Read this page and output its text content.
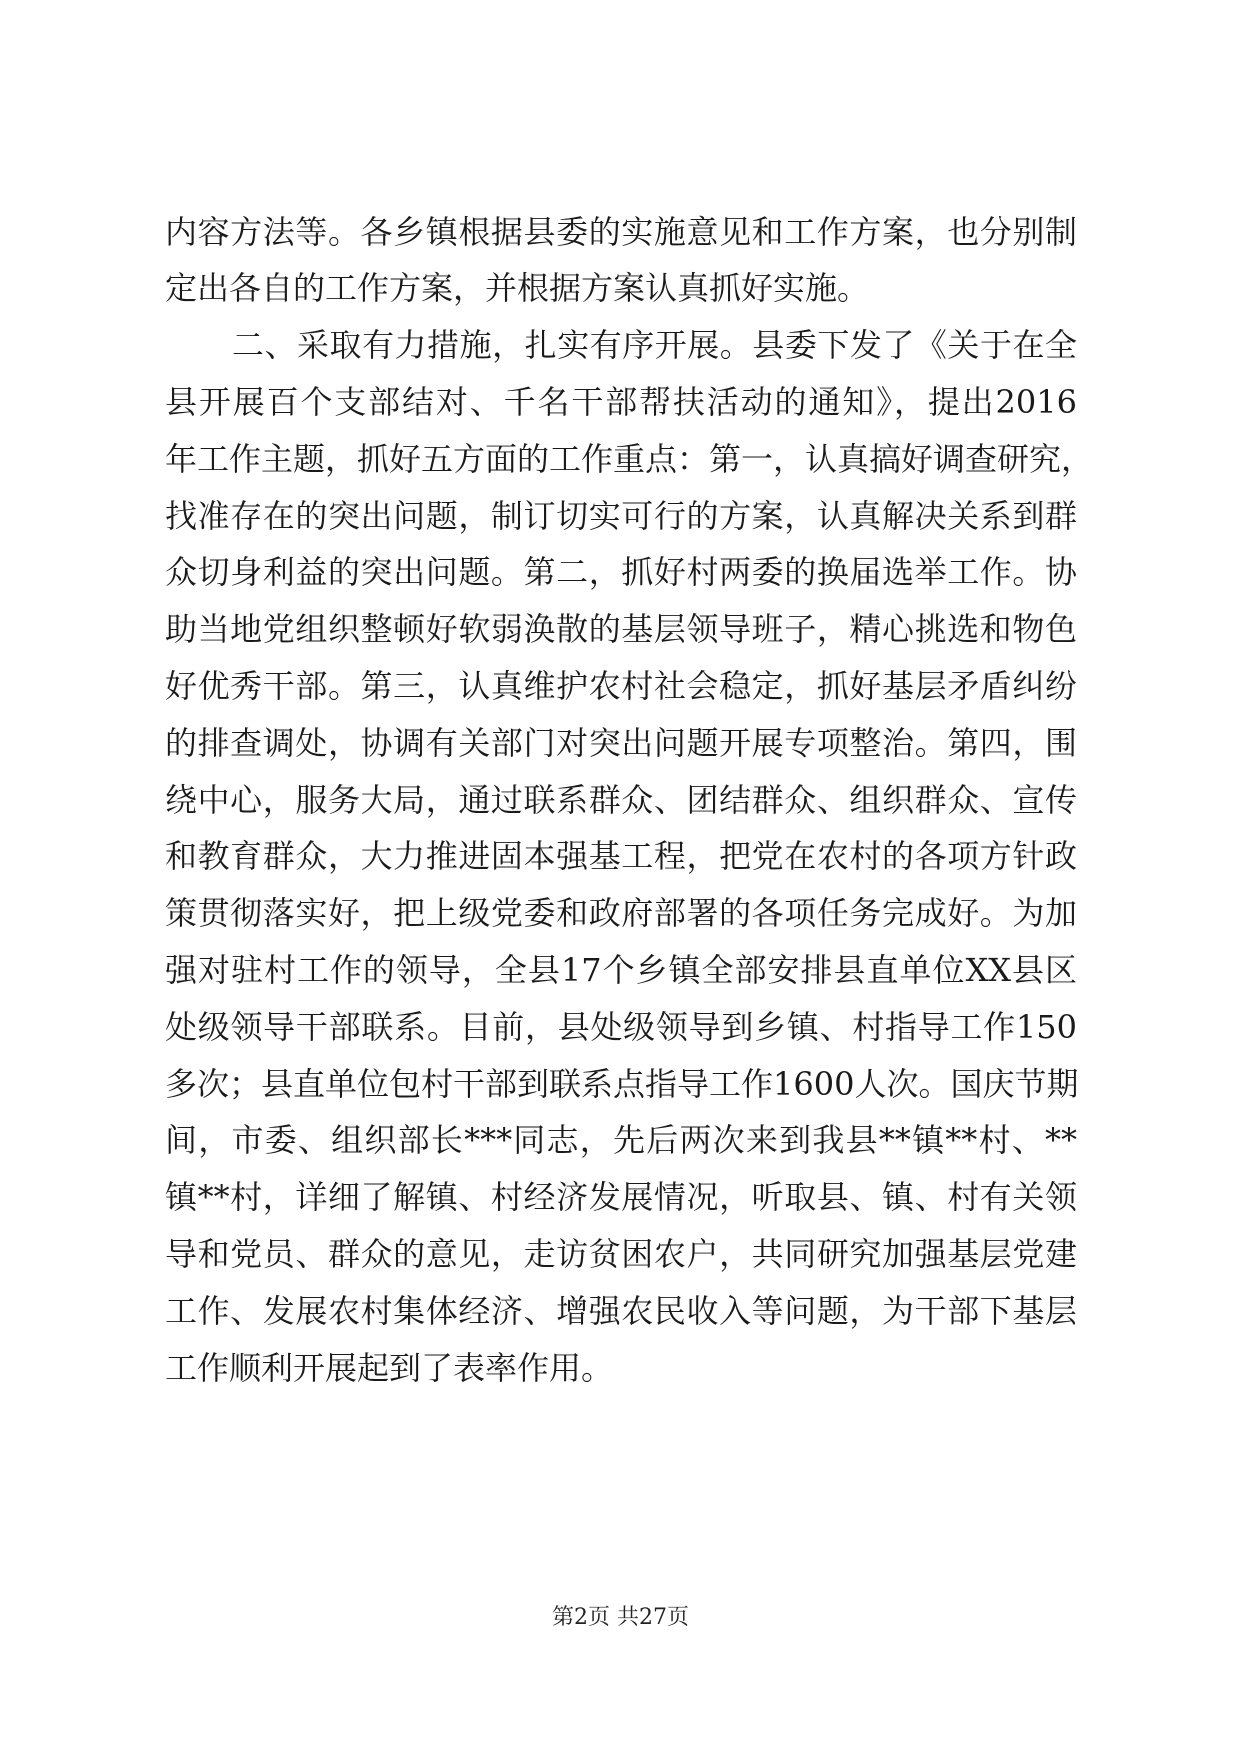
内容方法等。各乡镇根据县委的实施意见和工作方案，也分别制
定出各自的工作方案，并根据方案认真抓好实施。
二、采取有力措施，扎实有序开展。县委下发了《关于在全
县开展百个支部结对、千名干部帮扶活动的通知》，提出2016
年工作主题，抓好五方面的工作重点：第一，认真搞好调查研究，
找准存在的突出问题，制订切实可行的方案，认真解决关系到群
众切身利益的突出问题。第二，抓好村两委的换届选举工作。协
助当地党组织整顿好软弱涣散的基层领导班子，精心挑选和物色
好优秀干部。第三，认真维护农村社会稳定，抓好基层矛盾纠纷
的排查调处，协调有关部门对突出问题开展专项整治。第四，围
绕中心，服务大局，通过联系群众、团结群众、组织群众、宣传
和教育群众，大力推进固本强基工程，把党在农村的各项方针政
策贯彻落实好，把上级党委和政府部署的各项任务完成好。为加
强对驻村工作的领导，全县17个乡镇全部安排县直单位XX县区
处级领导干部联系。目前，县处级领导到乡镇、村指导工作150
多次；县直单位包村干部到联系点指导工作1600人次。国庆节期
间，市委、组织部长***同志，先后两次来到我县**镇**村、**
镇**村，详细了解镇、村经济发展情况，听取县、镇、村有关领
导和党员、群众的意见，走访贫困农户，共同研究加强基层党建
工作、发展农村集体经济、增强农民收入等问题，为干部下基层
工作顺利开展起到了表率作用。
第2页 共27页
